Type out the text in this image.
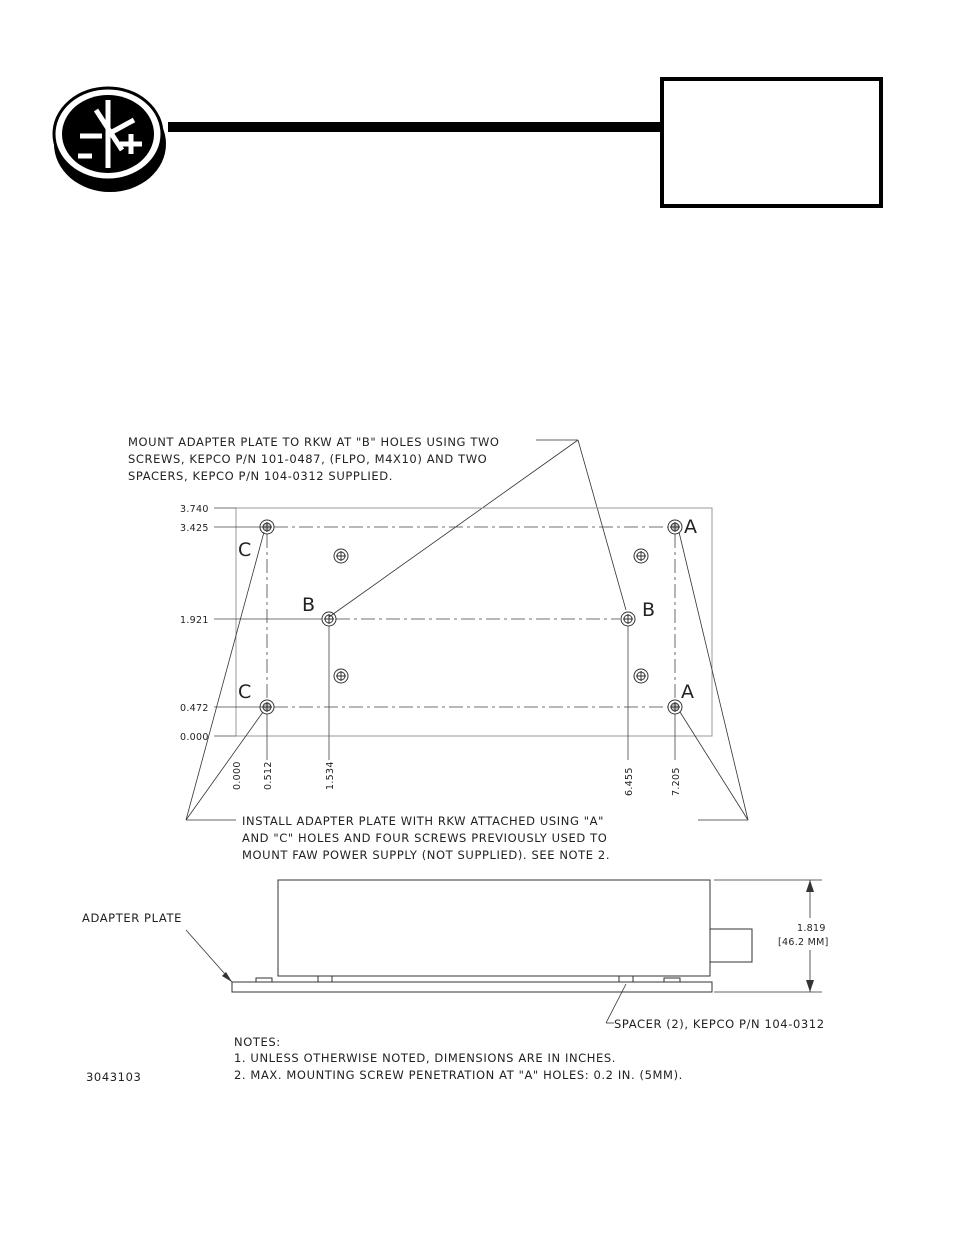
MOUNT ADAPTER PLATE TO RKW AT "B" HOLES USING TWO
SCREWS, KEPCO P/N 101-0487, (FLPO, M4X10) AND TWO
SPACERS, KEPCO P/N 104-0312 SUPPLIED.
3.740
3.425
1.921
0.472
0.000
0.000 0.512	1.534	6.455	7.205
C
C
B	B
A
A
INSTALL ADAPTER PLATE WITH RKW ATTACHED USING "A"
AND "C" HOLES AND FOUR SCREWS PREVIOUSLY USED TO
MOUNT FAW POWER SUPPLY (NOT SUPPLIED). SEE NOTE 2.
1.819
[46.2 MM]
ADAPTER PLATE
SPACER (2), KEPCO P/N 104-0312
NOTES:
1. UNLESS OTHERWISE NOTED, DIMENSIONS ARE IN INCHES.
2. MAX. MOUNTING SCREW PENETRATION AT "A" HOLES: 0.2 IN. (5MM).
3043103
